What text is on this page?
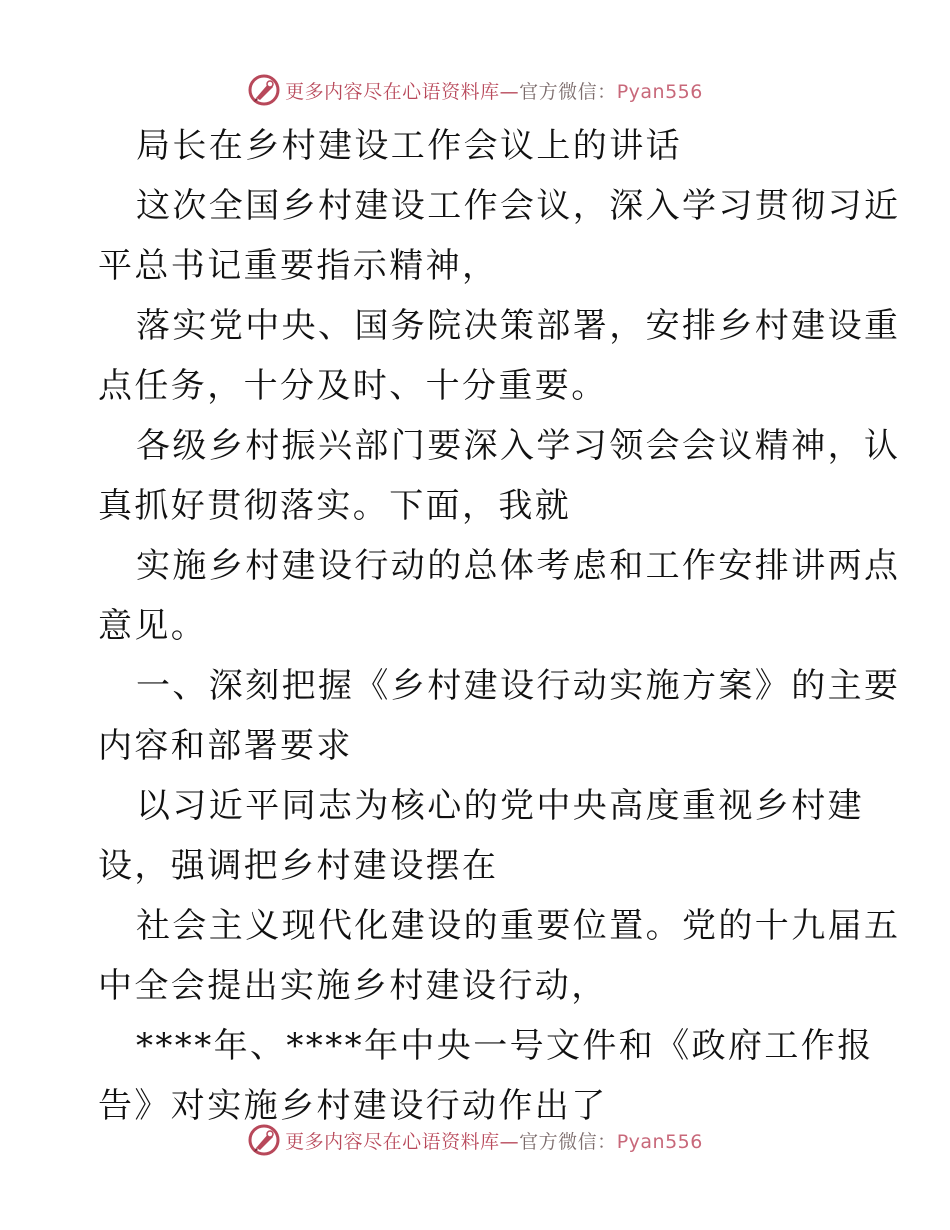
更多内容尽在心语资料库—官方微信：Pyan556
局长在乡村建设工作会议上的讲话
这次全国乡村建设工作会议，深入学习贯彻习近
平总书记重要指示精神，
落实党中央、国务院决策部署，安排乡村建设重
点任务，十分及时、十分重要。
各级乡村振兴部门要深入学习领会会议精神，认
真抓好贯彻落实。下面，我就
实施乡村建设行动的总体考虑和工作安排讲两点
意见。
一、深刻把握《乡村建设行动实施方案》的主要
内容和部署要求
以习近平同志为核心的党中央高度重视乡村建
设，强调把乡村建设摆在
社会主义现代化建设的重要位置。党的十九届五
中全会提出实施乡村建设行动，
****年、****年中央一号文件和《政府工作报
告》对实施乡村建设行动作出了
更多内容尽在心语资料库—官方微信：Pyan556
